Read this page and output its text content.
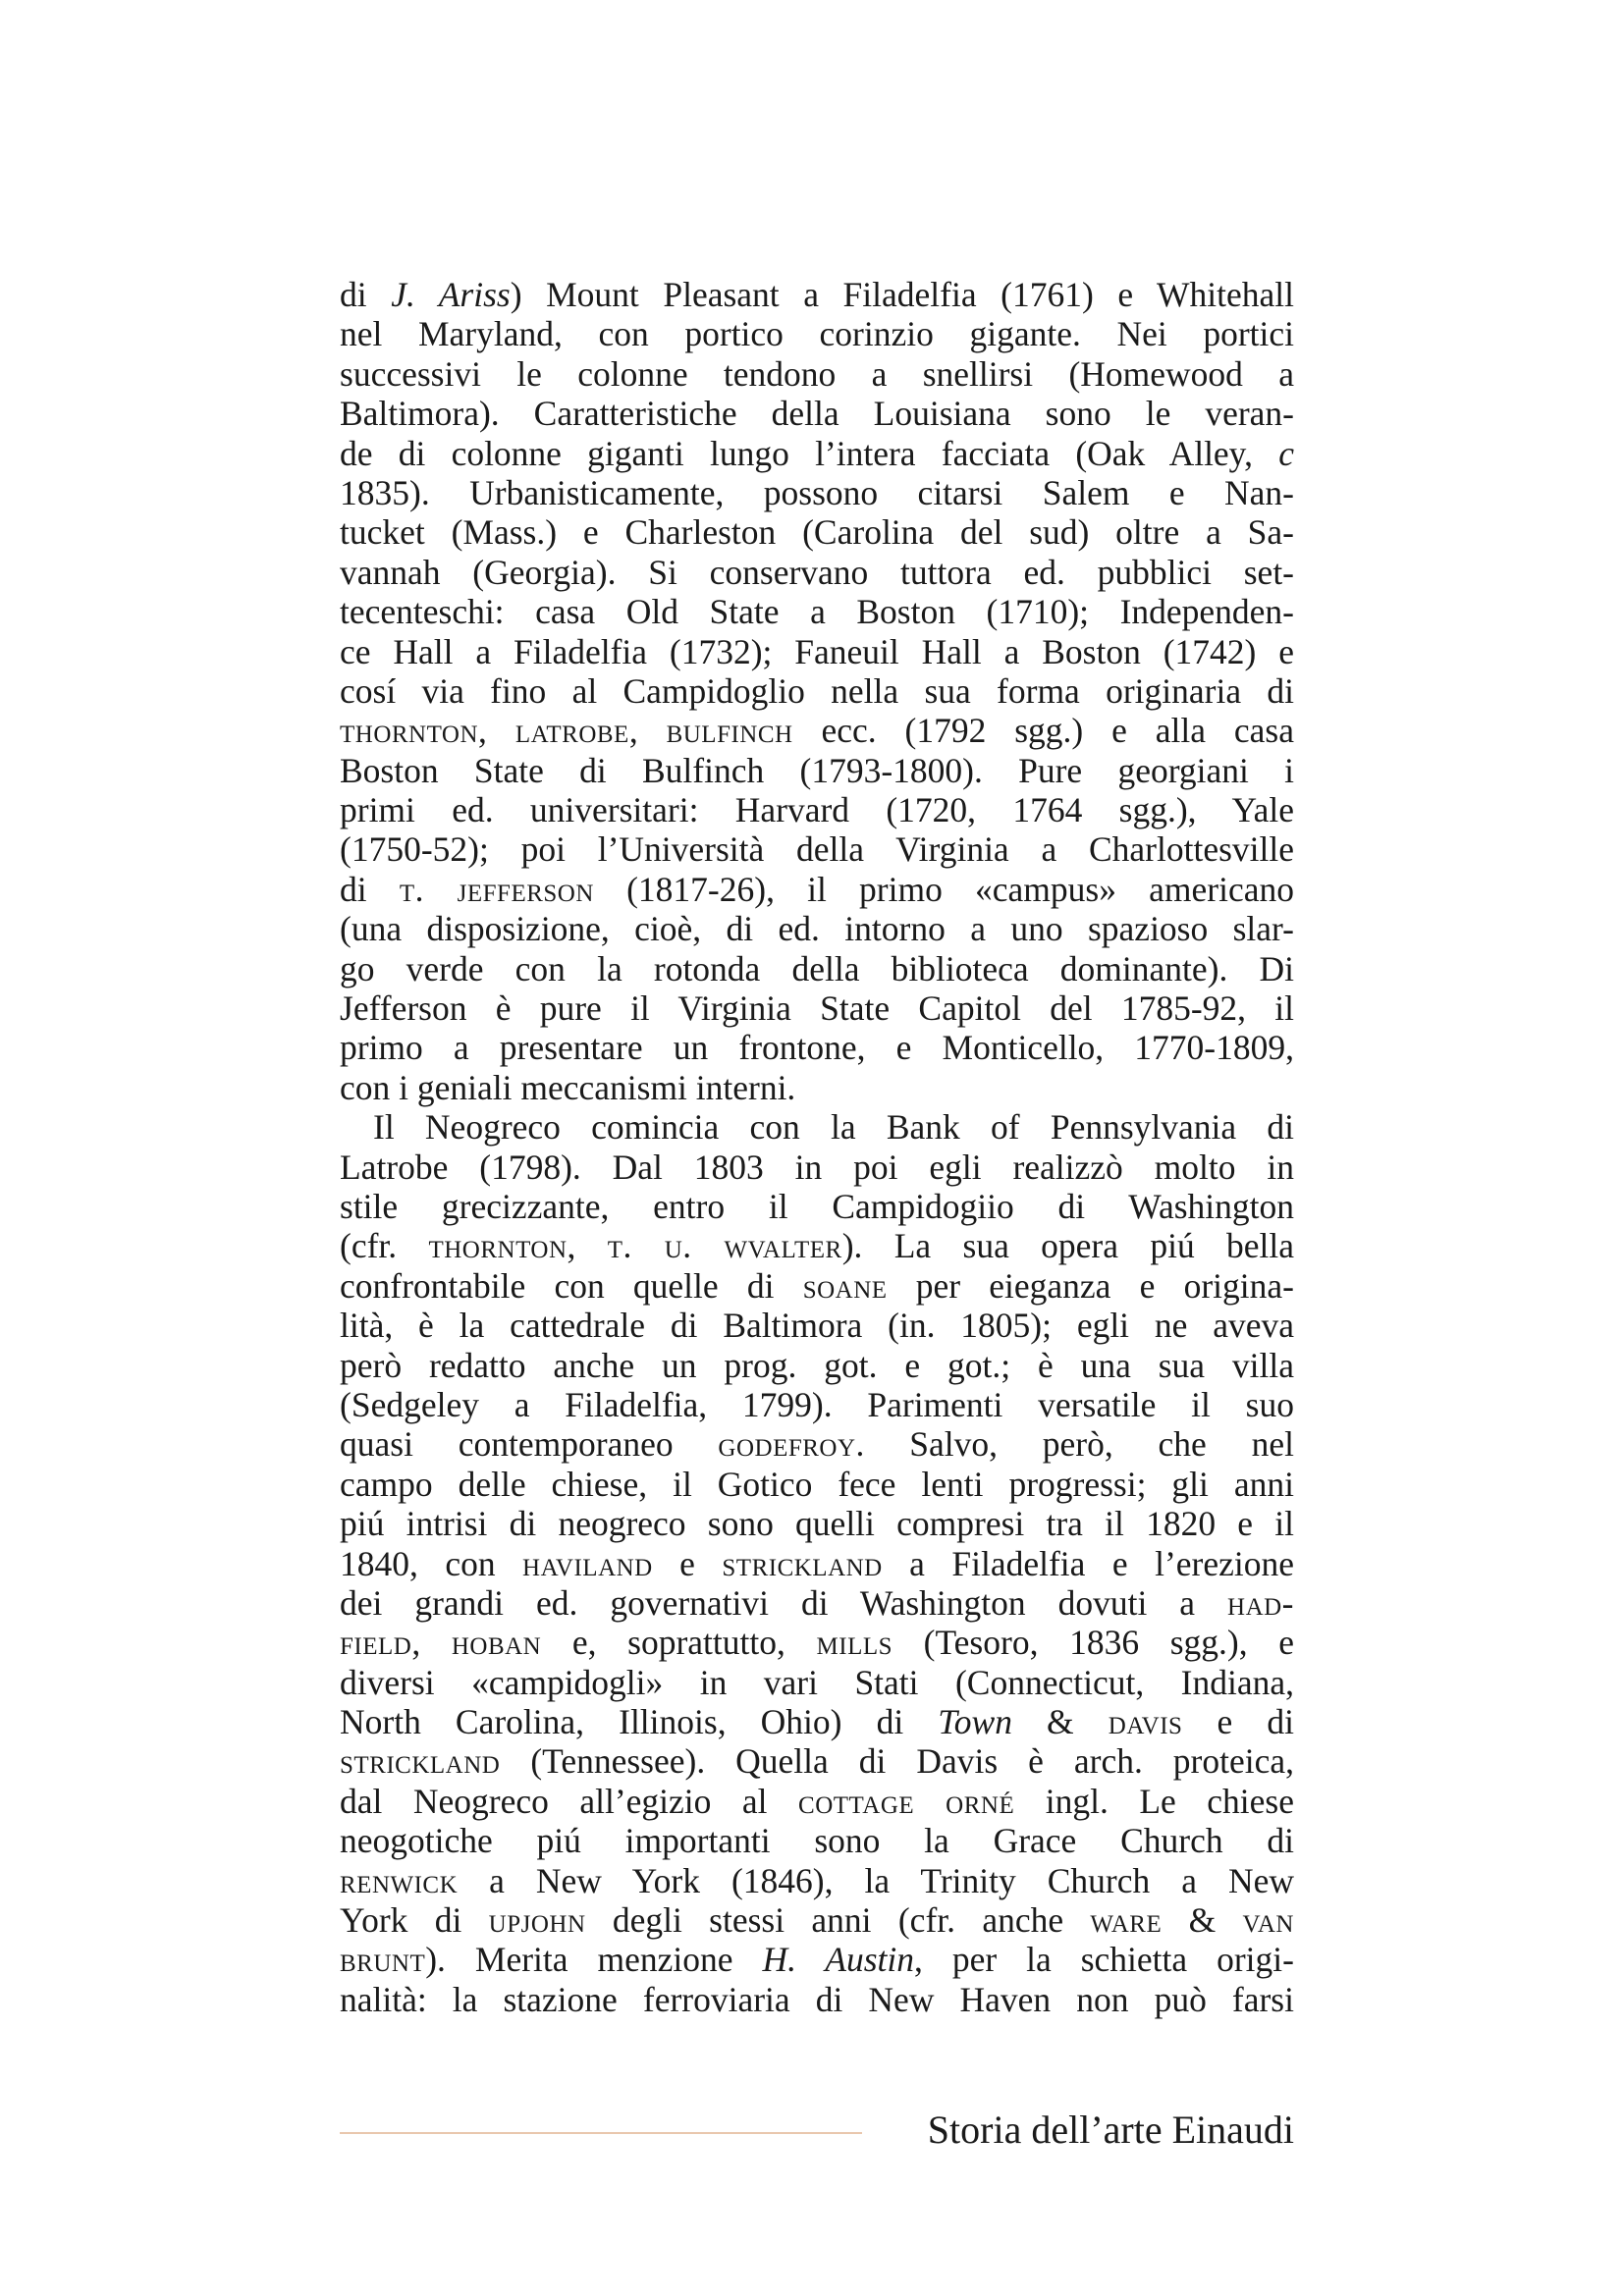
di J. Ariss) Mount Pleasant a Filadelfia (1761) e Whitehall
nel Maryland, con portico corinzio gigante. Nei portici
successivi le colonne tendono a snellirsi (Homewood a
Baltimora). Caratteristiche della Louisiana sono le veran-
de di colonne giganti lungo l’intera facciata (Oak Alley, c
1835). Urbanisticamente, possono citarsi Salem e Nan-
tucket (Mass.) e Charleston (Carolina del sud) oltre a Sa-
vannah (Georgia). Si conservano tuttora ed. pubblici set-
tecenteschi: casa Old State a Boston (1710); Independen-
ce Hall a Filadelfia (1732); Faneuil Hall a Boston (1742) e
cosí via fino al Campidoglio nella sua forma originaria di
thornton, latrobe, bulfinch ecc. (1792 sgg.) e alla casa
Boston State di Bulfinch (1793-1800). Pure georgiani i
primi ed. universitari: Harvard (1720, 1764 sgg.), Yale
(1750-52); poi l’Università della Virginia a Charlottesville
di t. jefferson (1817-26), il primo «campus» americano
(una disposizione, cioè, di ed. intorno a uno spazioso slar-
go verde con la rotonda della biblioteca dominante). Di
Jefferson è pure il Virginia State Capitol del 1785-92, il
primo a presentare un frontone, e Monticello, 1770-1809,
con i geniali meccanismi interni.
Il Neogreco comincia con la Bank of Pennsylvania di
Latrobe (1798). Dal 1803 in poi egli realizzò molto in
stile grecizzante, entro il Campidogiio di Washington
(cfr. thornton, t. u. wvalter). La sua opera piú bella
confrontabile con quelle di soane per eieganza e origina-
lità, è la cattedrale di Baltimora (in. 1805); egli ne aveva
però redatto anche un prog. got. e got.; è una sua villa
(Sedgeley a Filadelfia, 1799). Parimenti versatile il suo
quasi contemporaneo godefroy. Salvo, però, che nel
campo delle chiese, il Gotico fece lenti progressi; gli anni
piú intrisi di neogreco sono quelli compresi tra il 1820 e il
1840, con haviland e strickland a Filadelfia e l’erezione
dei grandi ed. governativi di Washington dovuti a had-
field, hoban e, soprattutto, mills (Tesoro, 1836 sgg.), e
diversi «campidogli» in vari Stati (Connecticut, Indiana,
North Carolina, Illinois, Ohio) di Town & davis e di
strickland (Tennessee). Quella di Davis è arch. proteica,
dal Neogreco all’egizio al cottage orné ingl. Le chiese
neogotiche piú importanti sono la Grace Church di
renwick a New York (1846), la Trinity Church a New
York di upjohn degli stessi anni (cfr. anche ware & van
brunt). Merita menzione H. Austin, per la schietta origi-
nalità: la stazione ferroviaria di New Haven non può farsi
Storia dell’arte Einaudi
